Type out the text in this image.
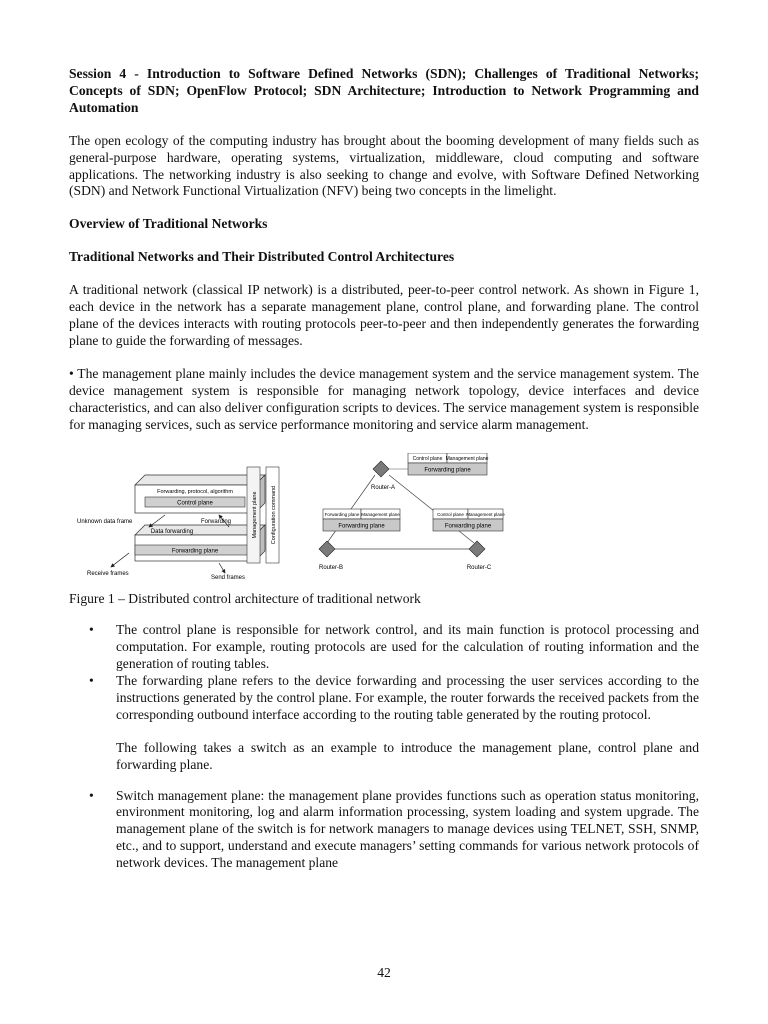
Session 4 - Introduction to Software Defined Networks (SDN); Challenges of Traditional Networks; Concepts of SDN; OpenFlow Protocol; SDN Architecture; Introduction to Network Programming and Automation

The open ecology of the computing industry has brought about the booming development of many fields such as general-purpose hardware, operating systems, virtualization, middleware, cloud computing and software applications. The networking industry is also seeking to change and evolve, with Software Defined Networking (SDN) and Network Functional Virtualization (NFV) being two concepts in the limelight.

Overview of Traditional Networks

Traditional Networks and Their Distributed Control Architectures

A traditional network (classical IP network) is a distributed, peer-to-peer control network. As shown in Figure 1, each device in the network has a separate management plane, control plane, and forwarding plane. The control plane of the devices interacts with routing protocols peer-to-peer and then independently generates the forwarding plane to guide the forwarding of messages.

• The management plane mainly includes the device management system and the service management system. The device management system is responsible for managing network topology, device interfaces and device characteristics, and can also deliver configuration scripts to devices. The service management system is responsible for managing services, such as service performance monitoring and service alarm management.

Forwarding, protocol, algorithm
Control plane
Data forwarding
Forwarding plane
Unknown data frame	Forwarding
Receive frames
Send frames
Management plane Configuration command
Control plane Management plane
Forwarding plane
Router-A
Forwarding plane Management plane
Forwarding plane
Router-B
Control plane Management plane
Forwarding plane
Router-C

Figure 1 – Distributed control architecture of traditional network

• The control plane is responsible for network control, and its main function is protocol processing and computation. For example, routing protocols are used for the calculation of routing information and the generation of routing tables.
• The forwarding plane refers to the device forwarding and processing the user services according to the instructions generated by the control plane. For example, the router forwards the received packets from the corresponding outbound interface according to the routing table generated by the routing protocol.

The following takes a switch as an example to introduce the management plane, control plane and forwarding plane.

• Switch management plane: the management plane provides functions such as operation status monitoring, environment monitoring, log and alarm information processing, system loading and system upgrade. The management plane of the switch is for network managers to manage devices using TELNET, SSH, SNMP, etc., and to support, understand and execute managers’ setting commands for various network protocols of network devices. The management plane
42
